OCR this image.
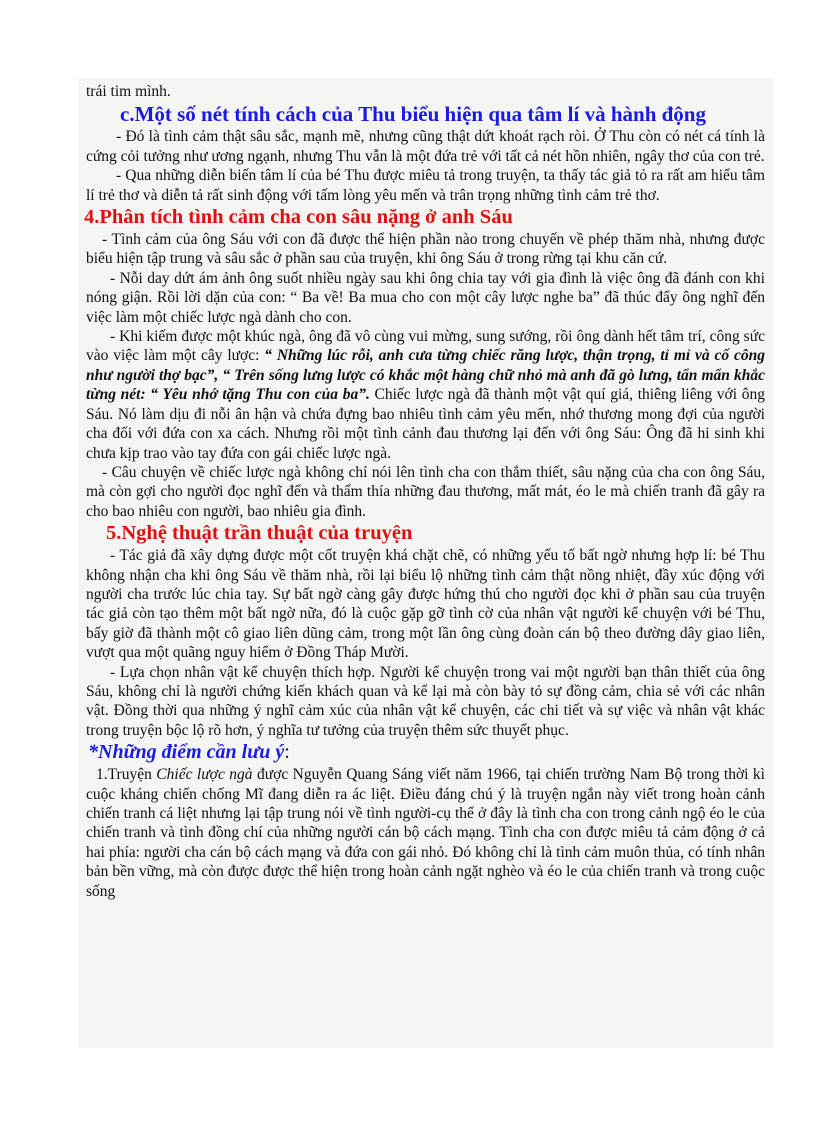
trái tim mình.

c.Một số nét tính cách của Thu biểu hiện qua tâm lí và hành động

- Đó là tình cảm thật sâu sắc, mạnh mẽ, nhưng cũng thật dứt khoát rạch ròi. Ở Thu còn có nét cá tính là cứng cỏi tưởng như ương ngạnh, nhưng Thu vẫn là một đứa trẻ với tất cả nét hồn nhiên, ngây thơ của con trẻ.

- Qua những diễn biến tâm lí của bé Thu được miêu tả trong truyện, ta thấy tác giả tỏ ra rất am hiểu tâm lí trẻ thơ và diễn tả rất sinh động với tấm lòng yêu mến và trân trọng những tình cảm trẻ thơ.

4.Phân tích tình cảm cha con sâu nặng ở anh Sáu

- Tình cảm của ông Sáu với con đã được thể hiện phần nào trong chuyến về phép thăm nhà, nhưng được biểu hiện tập trung và sâu sắc ở phần sau của truyện, khi ông Sáu ở trong rừng tại khu căn cứ.

- Nỗi day dứt ám ảnh ông suốt nhiều ngày sau khi ông chia tay với gia đình là việc ông đã đánh con khi nóng giận. Rồi lời dặn của con: “ Ba về! Ba mua cho con một cây lược nghe ba” đã thúc đẩy ông nghĩ đến việc làm một chiếc lược ngà dành cho con.

- Khi kiếm được một khúc ngà, ông đã vô cùng vui mừng, sung sướng, rồi ông dành hết tâm trí, công sức vào việc làm một cây lược: “ Những lúc rỗi, anh cưa từng chiếc răng lược, thận trọng, tỉ mỉ và cố công như người thợ bạc”, “ Trên sống lưng lược có khắc một hàng chữ nhỏ mà anh đã gò lưng, tẩn mẩn khắc từng nét: “ Yêu nhớ tặng Thu con của ba”. Chiếc lược ngà đã thành một vật quí giá, thiêng liêng với ông Sáu. Nó làm dịu đi nỗi ân hận và chứa đựng bao nhiêu tình cảm yêu mến, nhớ thương mong đợi của người cha đối với đứa con xa cách. Nhưng rồi một tình cảnh đau thương lại đến với ông Sáu: Ông đã hi sinh khi chưa kịp trao vào tay đứa con gái chiếc lược ngà.

- Câu chuyện về chiếc lược ngà không chỉ nói lên tình cha con thắm thiết, sâu nặng của cha con ông Sáu, mà còn gợi cho người đọc nghĩ đến và thấm thía những đau thương, mất mát, éo le mà chiến tranh đã gây ra cho bao nhiêu con người, bao nhiêu gia đình.

5.Nghệ thuật trần thuật của truyện

- Tác giả đã xây dựng được một cốt truyện khá chặt chẽ, có những yếu tố bất ngờ nhưng hợp lí: bé Thu không nhận cha khi ông Sáu về thăm nhà, rồi lại biểu lộ những tình cảm thật nồng nhiệt, đầy xúc động với người cha trước lúc chia tay. Sự bất ngờ càng gây được hứng thú cho người đọc khi ở phần sau của truyện tác giả còn tạo thêm một bất ngờ nữa, đó là cuộc gặp gỡ tình cờ của nhân vật người kể chuyện với bé Thu, bấy giờ đã thành một cô giao liên dũng cảm, trong một lần ông cùng đoàn cán bộ theo đường dây giao liên, vượt qua một quãng nguy hiểm ở Đồng Tháp Mười.

- Lựa chọn nhân vật kể chuyện thích hợp. Người kể chuyện trong vai một người bạn thân thiết của ông Sáu, không chỉ là người chứng kiến khách quan và kể lại mà còn bày tỏ sự đồng cảm, chia sẻ với các nhân vật. Đồng thời qua những ý nghĩ cảm xúc của nhân vật kể chuyện, các chi tiết và sự việc và nhân vật khác trong truyện bộc lộ rõ hơn, ý nghĩa tư tưởng của truyện thêm sức thuyết phục.

*Những điểm cần lưu ý:

1.Truyện Chiếc lược ngà được Nguyễn Quang Sáng viết năm 1966, tại chiến trường Nam Bộ trong thời kì cuộc kháng chiến chống Mĩ đang diễn ra ác liệt. Điều đáng chú ý là truyện ngắn này viết trong hoàn cảnh chiến tranh cá liệt nhưng lại tập trung nói về tình người-cụ thể ở đây là tình cha con trong cảnh ngộ éo le của chiến tranh và tình đồng chí của những người cán bộ cách mạng. Tình cha con được miêu tả cảm động ở cả hai phía: người cha cán bộ cách mạng và đứa con gái nhỏ. Đó không chỉ là tình cảm muôn thủa, có tính nhân bản bền vững, mà còn được được thể hiện trong hoàn cảnh ngặt nghèo và éo le của chiến tranh và trong cuộc sống
